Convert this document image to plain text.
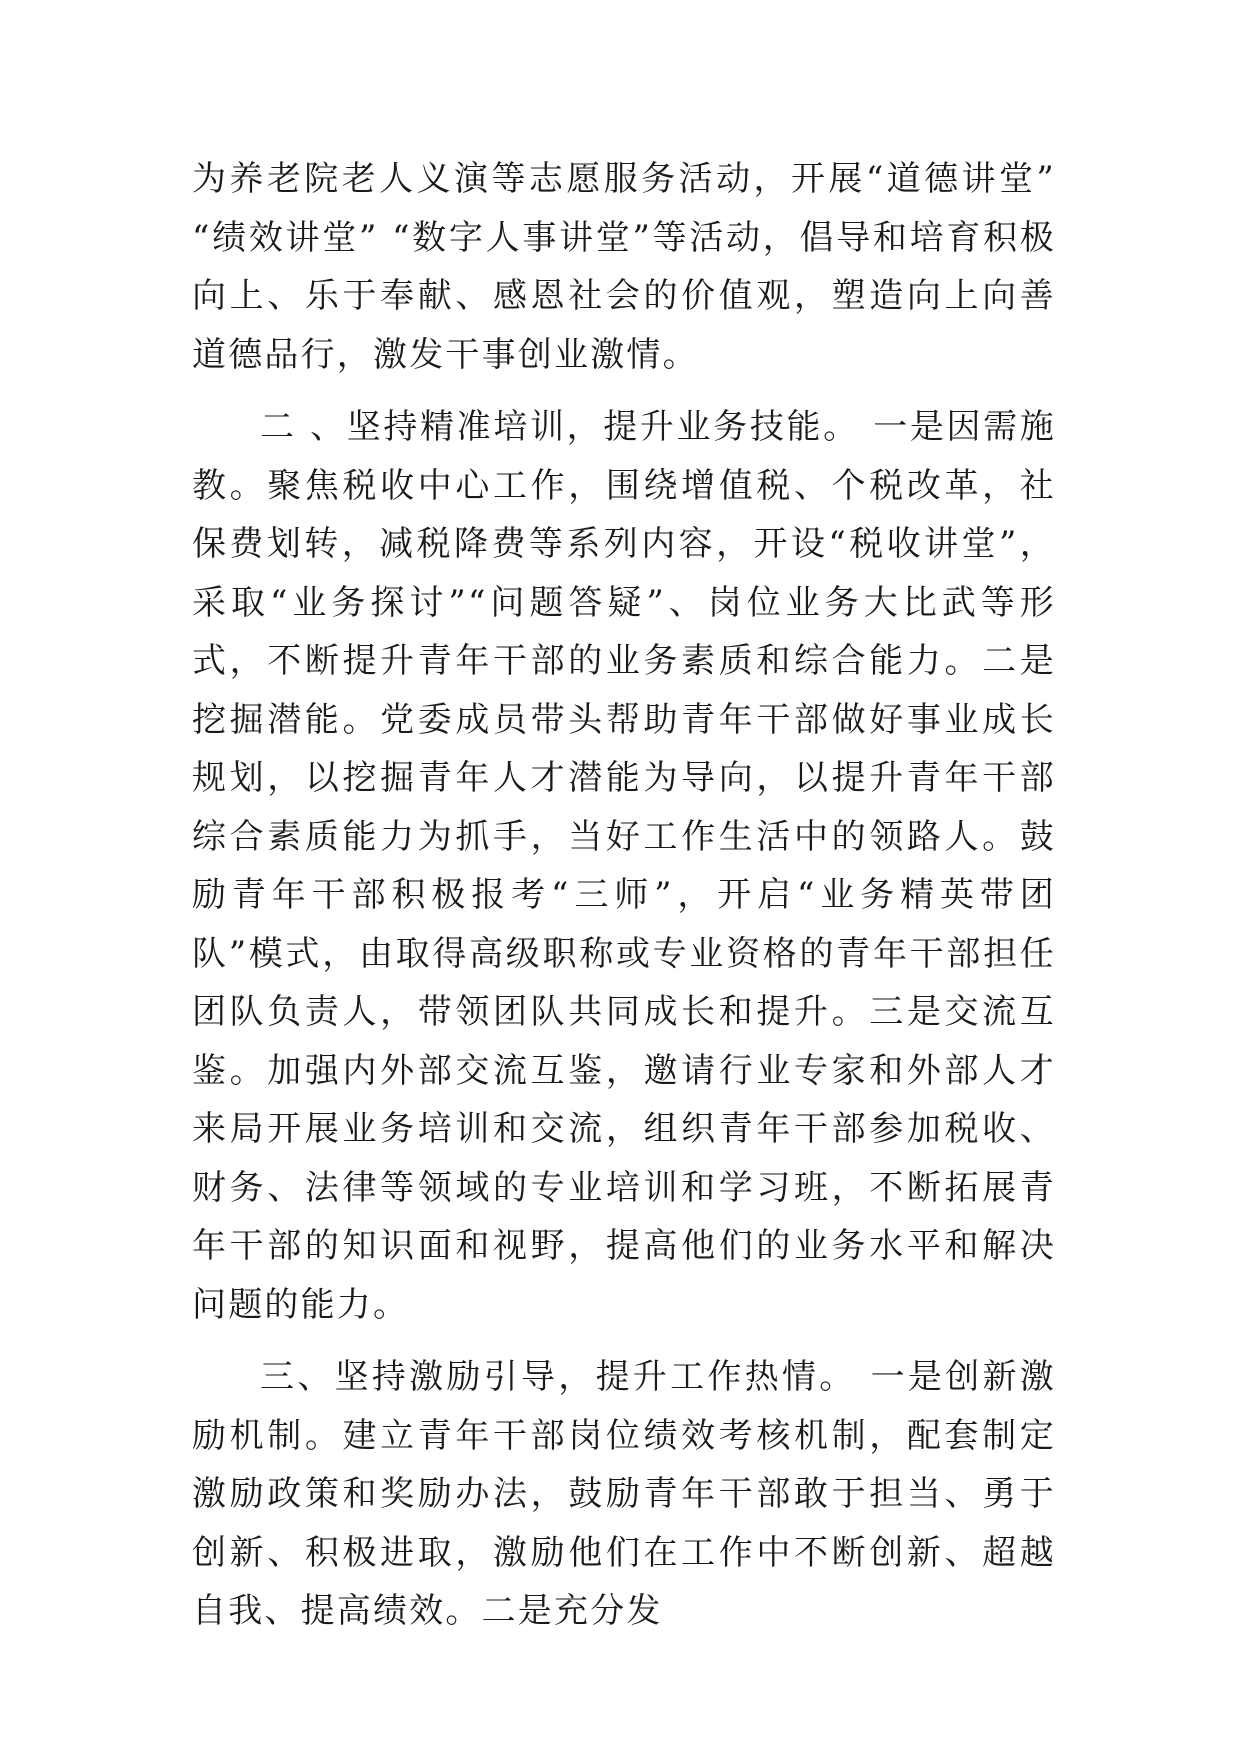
为养老院老人义演等志愿服务活动，开展“道德讲堂” “绩效讲堂” “数字人事讲堂”等活动，倡导和培育积极向上、乐于奉献、感恩社会的价值观，塑造向上向善道德品行，激发干事创业激情。

二 、坚持精准培训，提升业务技能。 一是因需施教。聚焦税收中心工作，围绕增值税、个税改革，社保费划转，减税降费等系列内容，开设“税收讲堂”，采取“业务探讨”“问题答疑”、岗位业务大比武等形式，不断提升青年干部的业务素质和综合能力。二是挖掘潜能。党委成员带头帮助青年干部做好事业成长规划，以挖掘青年人才潜能为导向，以提升青年干部综合素质能力为抓手，当好工作生活中的领路人。鼓励青年干部积极报考“三师”，开启“业务精英带团队”模式，由取得高级职称或专业资格的青年干部担任团队负责人，带领团队共同成长和提升。三是交流互鉴。加强内外部交流互鉴，邀请行业专家和外部人才来局开展业务培训和交流，组织青年干部参加税收、财务、法律等领域的专业培训和学习班，不断拓展青年干部的知识面和视野，提高他们的业务水平和解决问题的能力。

三、坚持激励引导，提升工作热情。 一是创新激励机制。建立青年干部岗位绩效考核机制，配套制定激励政策和奖励办法，鼓励青年干部敢于担当、勇于创新、积极进取，激励他们在工作中不断创新、超越自我、提高绩效。二是充分发
